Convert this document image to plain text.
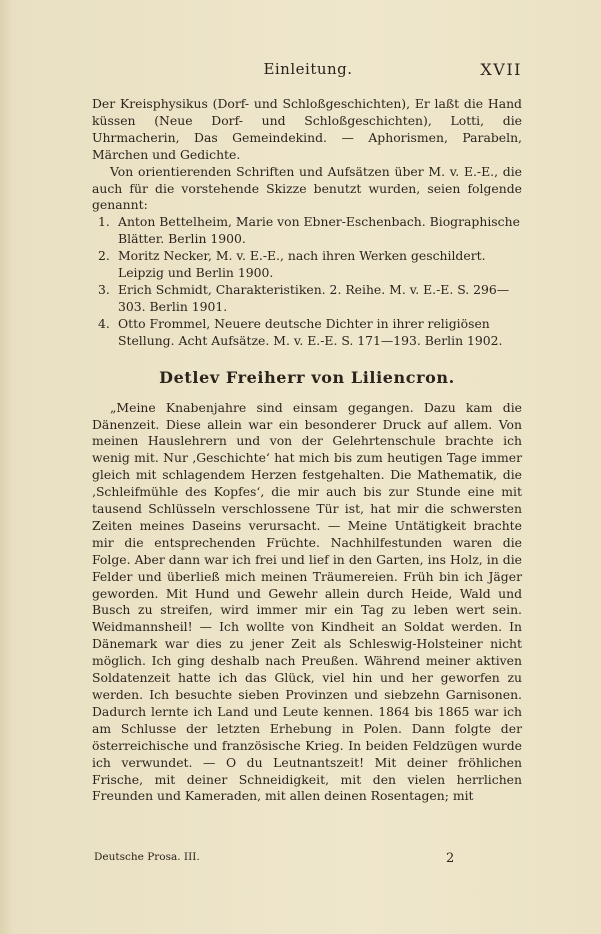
Einleitung.	XVII

Der Kreisphysikus (Dorf- und Schloßgeschichten), Er laßt die Hand küssen (Neue Dorf- und Schloßgeschichten), Lotti, die Uhrmacherin, Das Gemeindekind. — Aphorismen, Parabeln, Märchen und Gedichte.

Von orientierenden Schriften und Aufsätzen über M. v. E.-E., die auch für die vorstehende Skizze benutzt wurden, seien folgende genannt:

1. Anton Bettelheim, Marie von Ebner-Eschenbach. Biographische Blätter. Berlin 1900.
2. Moritz Necker, M. v. E.-E., nach ihren Werken geschildert. Leipzig und Berlin 1900.
3. Erich Schmidt, Charakteristiken. 2. Reihe. M. v. E.-E. S. 296—303. Berlin 1901.
4. Otto Frommel, Neuere deutsche Dichter in ihrer religiösen Stellung. Acht Aufsätze. M. v. E.-E. S. 171—193. Berlin 1902.
Detlev Freiherr von Liliencron.

„Meine Knabenjahre sind einsam gegangen. Dazu kam die Dänenzeit. Diese allein war ein besonderer Druck auf allem. Von meinen Hauslehrern und von der Gelehrtenschule brachte ich wenig mit. Nur ‚Geschichte‘ hat mich bis zum heutigen Tage immer gleich mit schlagendem Herzen festgehalten. Die Mathematik, die ‚Schleifmühle des Kopfes‘, die mir auch bis zur Stunde eine mit tausend Schlüsseln verschlossene Tür ist, hat mir die schwersten Zeiten meines Daseins verursacht. — Meine Untätigkeit brachte mir die entsprechenden Früchte. Nachhilfestunden waren die Folge. Aber dann war ich frei und lief in den Garten, ins Holz, in die Felder und überließ mich meinen Träumereien. Früh bin ich Jäger geworden. Mit Hund und Gewehr allein durch Heide, Wald und Busch zu streifen, wird immer mir ein Tag zu leben wert sein. Weidmannsheil! — Ich wollte von Kindheit an Soldat werden. In Dänemark war dies zu jener Zeit als Schleswig-Holsteiner nicht möglich. Ich ging deshalb nach Preußen. Während meiner aktiven Soldatenzeit hatte ich das Glück, viel hin und her geworfen zu werden. Ich besuchte sieben Provinzen und siebzehn Garnisonen. Dadurch lernte ich Land und Leute kennen. 1864 bis 1865 war ich am Schlusse der letzten Erhebung in Polen. Dann folgte der österreichische und französische Krieg. In beiden Feldzügen wurde ich verwundet. — O du Leutnantszeit! Mit deiner fröhlichen Frische, mit deiner Schneidigkeit, mit den vielen herrlichen Freunden und Kameraden, mit allen deinen Rosentagen; mit

Deutsche Prosa. III.	2
